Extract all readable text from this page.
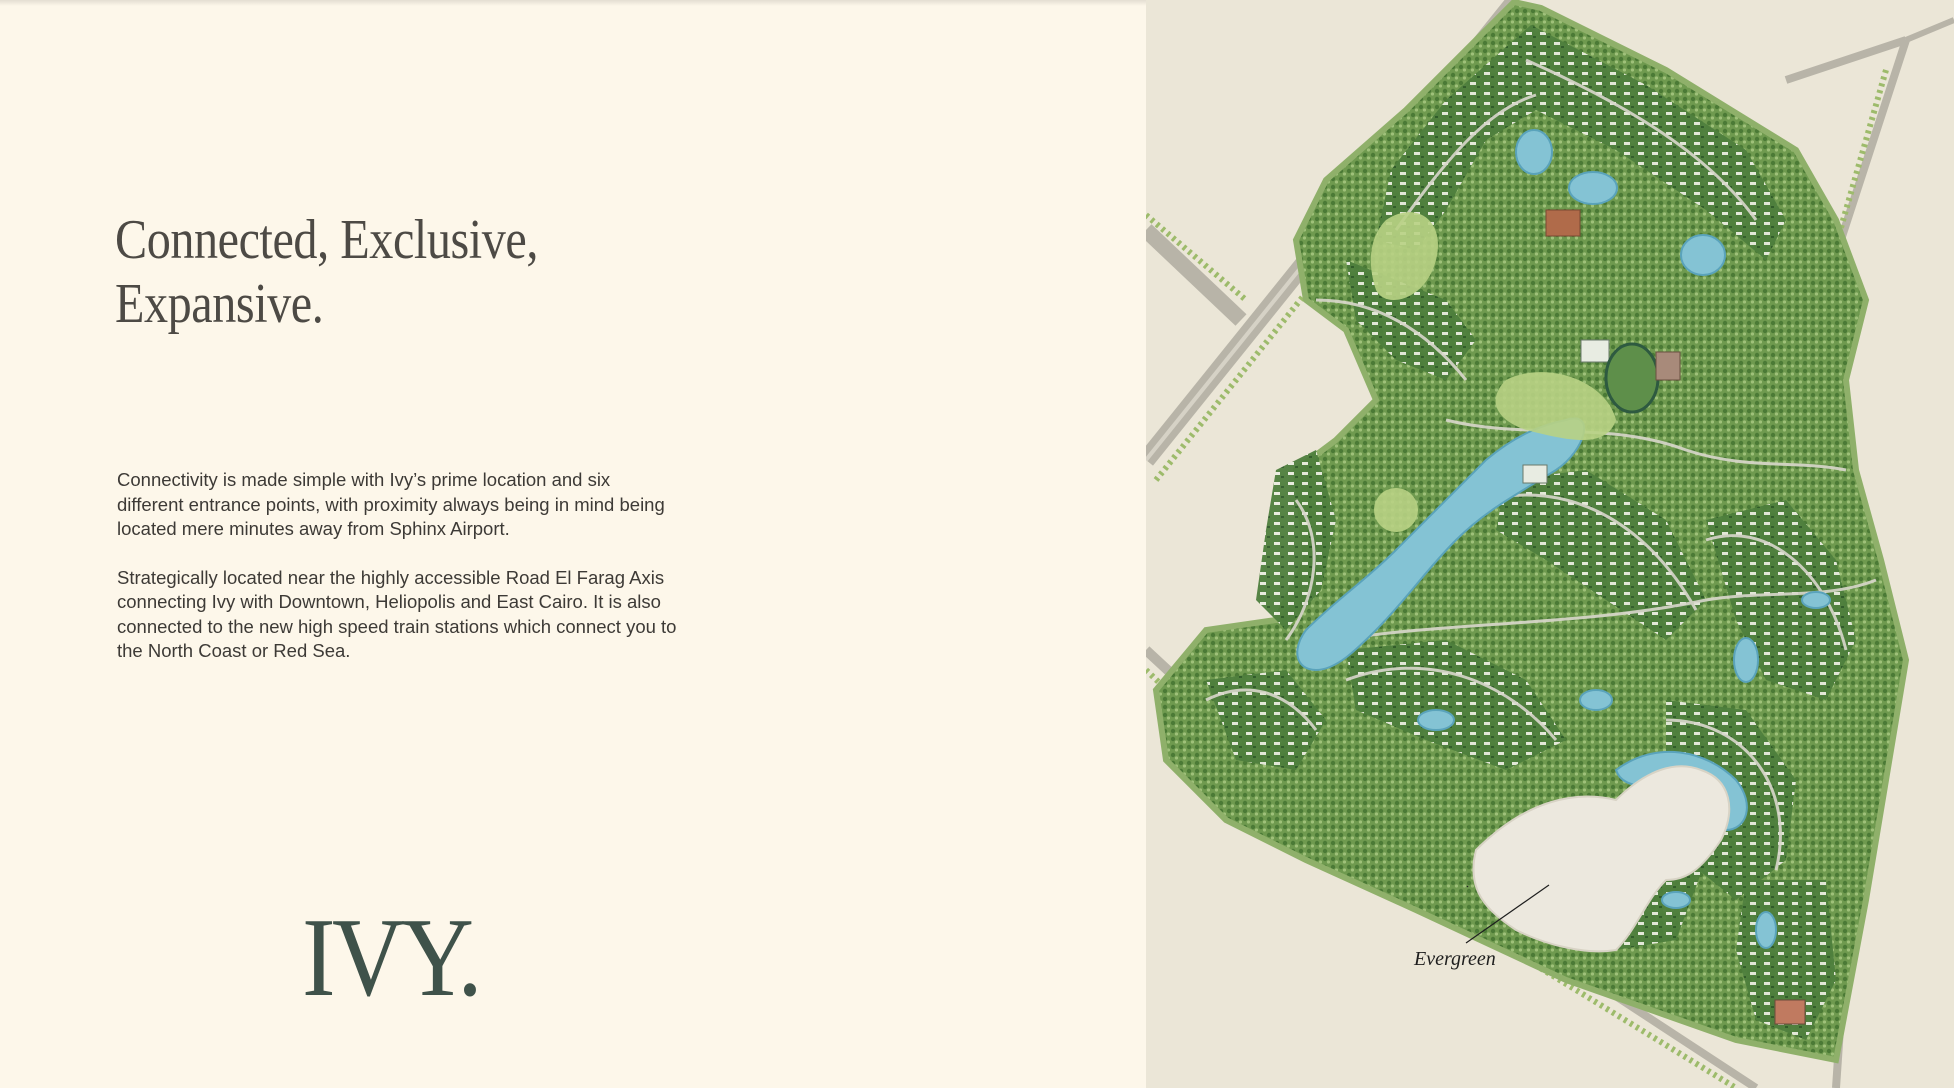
Connected, Exclusive,
Expansive.

Connectivity is made simple with Ivy’s prime location and six different entrance points, with proximity always being in mind being located mere minutes away from Sphinx Airport.

Strategically located near the highly accessible Road El Farag Axis connecting Ivy with Downtown, Heliopolis and East Cairo. It is also connected to the new high speed train stations which connect you to the North Coast or Red Sea.

IVY.	Evergreen
